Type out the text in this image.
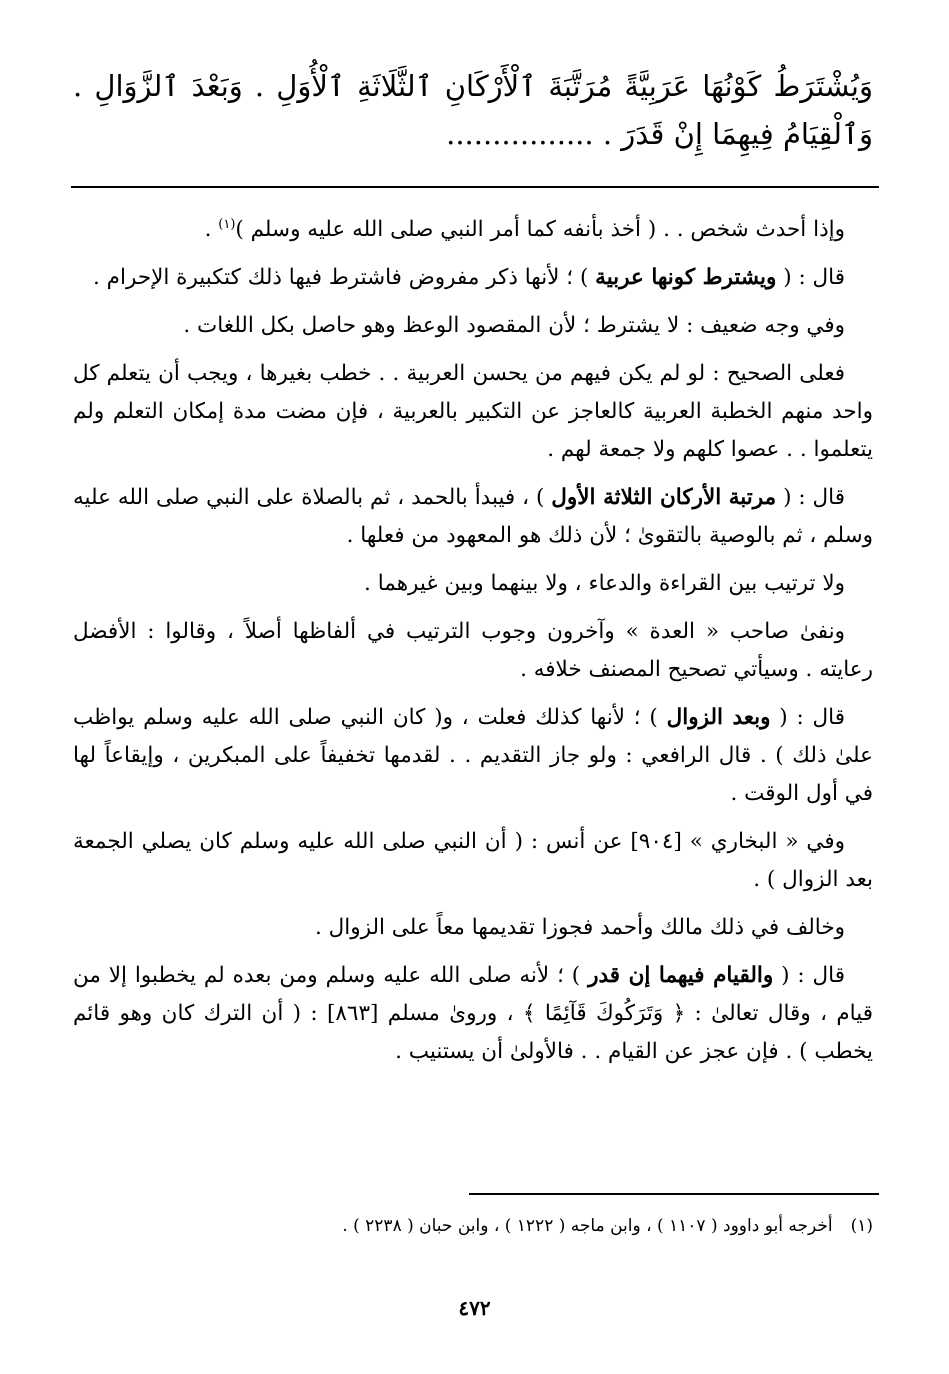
وَيُشْتَرَطُ كَوْنُهَا عَرَبِيَّةً مُرَتَّبَةَ ٱلْأَرْكَانِ ٱلثَّلَاثَةِ ٱلْأُوَلِ . وَبَعْدَ ٱلزَّوَالِ . وَٱلْقِيَامُ فِيهِمَا إِنْ قَدَرَ . ................

وإذا أحدث شخص . . ( أخذ بأنفه كما أمر النبي صلى الله عليه وسلم )$^{(١)}$ .

قال : ( ويشترط كونها عربية ) ؛ لأنها ذكر مفروض فاشترط فيها ذلك كتكبيرة الإحرام .

وفي وجه ضعيف : لا يشترط ؛ لأن المقصود الوعظ وهو حاصل بكل اللغات .

فعلى الصحيح : لو لم يكن فيهم من يحسن العربية . . خطب بغيرها ، ويجب أن يتعلم كل واحد منهم الخطبة العربية كالعاجز عن التكبير بالعربية ، فإن مضت مدة إمكان التعلم ولم يتعلموا . . عصوا كلهم ولا جمعة لهم .

قال : ( مرتبة الأركان الثلاثة الأول ) ، فيبدأ بالحمد ، ثم بالصلاة على النبي صلى الله عليه وسلم ، ثم بالوصية بالتقوىٰ ؛ لأن ذلك هو المعهود من فعلها .

ولا ترتيب بين القراءة والدعاء ، ولا بينهما وبين غيرهما .

ونفىٰ صاحب « العدة » وآخرون وجوب الترتيب في ألفاظها أصلاً ، وقالوا : الأفضل رعايته . وسيأتي تصحيح المصنف خلافه .

قال : ( وبعد الزوال ) ؛ لأنها كذلك فعلت ، و( كان النبي صلى الله عليه وسلم يواظب علىٰ ذلك ) . قال الرافعي : ولو جاز التقديم . . لقدمها تخفيفاً على المبكرين ، وإيقاعاً لها في أول الوقت .

وفي « البخاري » [٩٠٤] عن أنس : ( أن النبي صلى الله عليه وسلم كان يصلي الجمعة بعد الزوال ) .

وخالف في ذلك مالك وأحمد فجوزا تقديمها معاً على الزوال .

قال : ( والقيام فيهما إن قدر ) ؛ لأنه صلى الله عليه وسلم ومن بعده لم يخطبوا إلا من قيام ، وقال تعالىٰ : ﴿ وَتَرَكُوكَ قَآئِمًا ﴾ ، وروىٰ مسلم [٨٦٣] : ( أن الترك كان وهو قائم يخطب ) . فإن عجز عن القيام . . فالأولىٰ أن يستنيب .

(١)أخرجه أبو داوود ( ١١٠٧ ) ، وابن ماجه ( ١٢٢٢ ) ، وابن حبان ( ٢٢٣٨ ) .
٤٧٢
